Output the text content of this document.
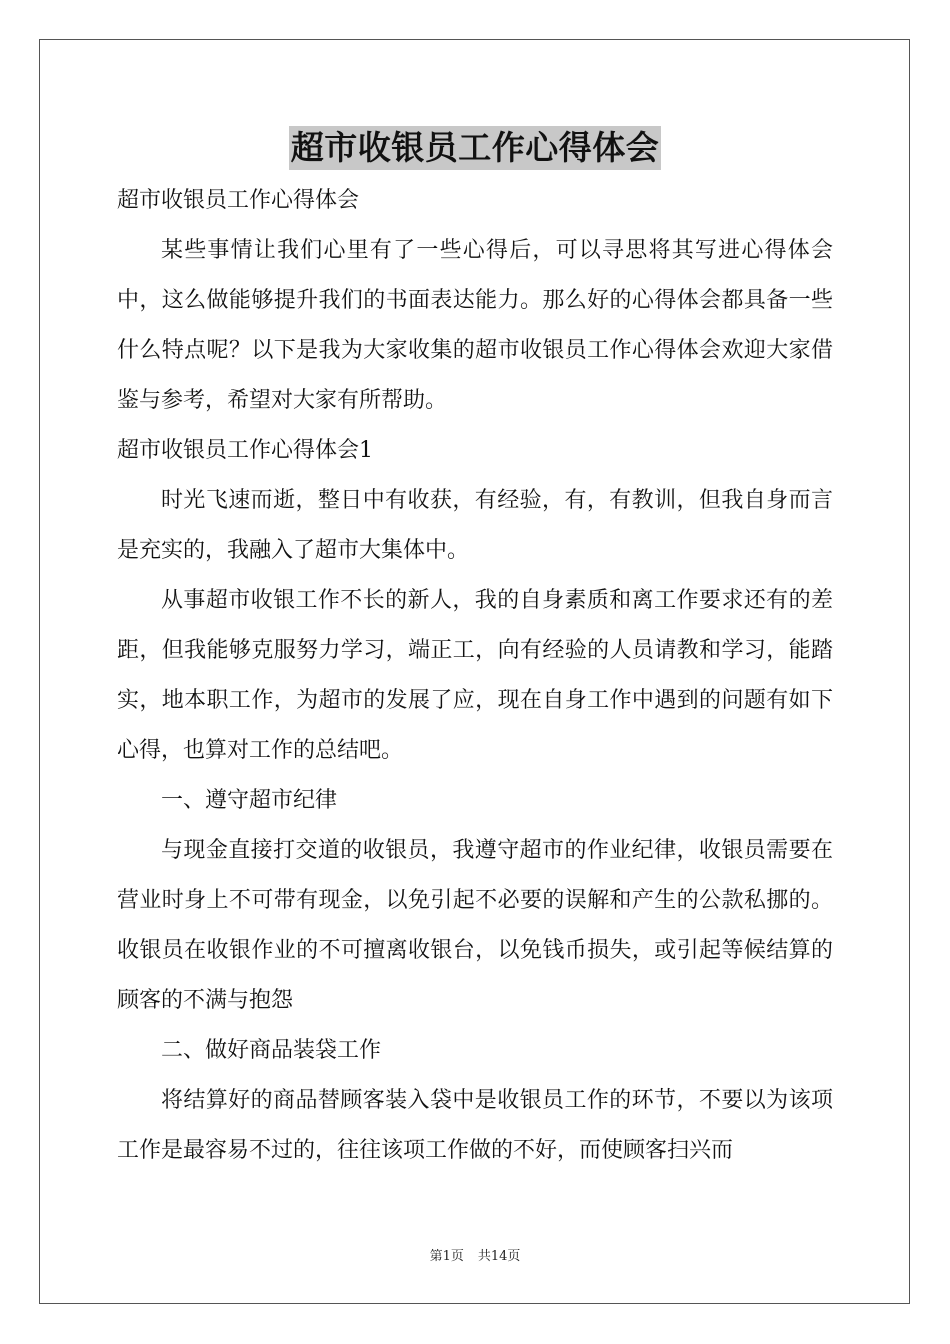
超市收银员工作心得体会

超市收银员工作心得体会

某些事情让我们心里有了一些心得后，可以寻思将其写进心得体会中，这么做能够提升我们的书面表达能力。那么好的心得体会都具备一些什么特点呢？以下是我为大家收集的超市收银员工作心得体会欢迎大家借鉴与参考，希望对大家有所帮助。

超市收银员工作心得体会1

时光飞速而逝，整日中有收获，有经验，有，有教训，但我自身而言是充实的，我融入了超市大集体中。

从事超市收银工作不长的新人，我的自身素质和离工作要求还有的差距，但我能够克服努力学习，端正工，向有经验的人员请教和学习，能踏实，地本职工作，为超市的发展了应，现在自身工作中遇到的问题有如下心得，也算对工作的总结吧。

一、遵守超市纪律

与现金直接打交道的收银员，我遵守超市的作业纪律，收银员需要在营业时身上不可带有现金，以免引起不必要的误解和产生的公款私挪的。收银员在收银作业的不可擅离收银台，以免钱币损失，或引起等候结算的顾客的不满与抱怨

二、做好商品装袋工作

将结算好的商品替顾客装入袋中是收银员工作的环节，不要以为该项工作是最容易不过的，往往该项工作做的不好，而使顾客扫兴而

第1页 共14页
